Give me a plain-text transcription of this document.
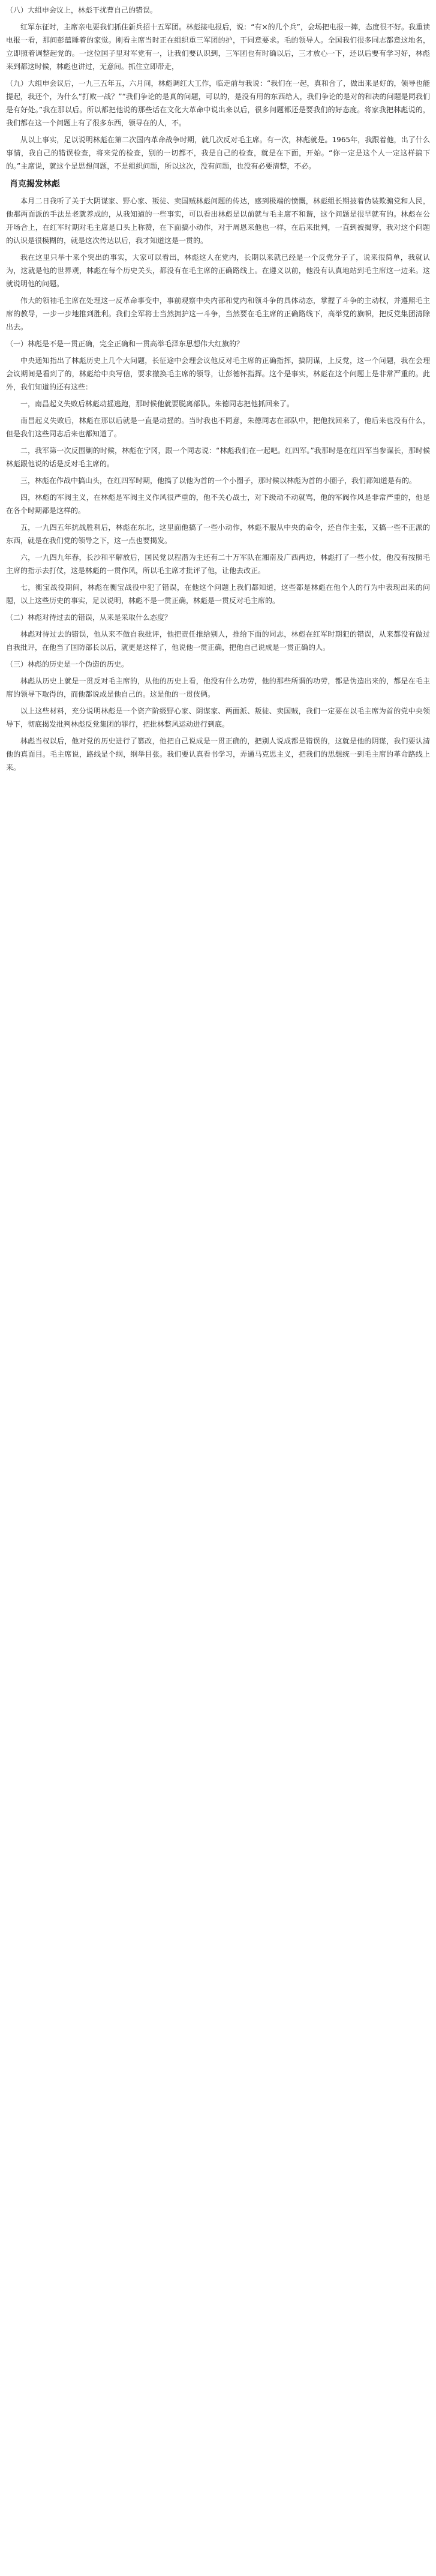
（八）大组申会议上，林彪干扰曹自己的错误。

红军东征时，主席亲电要我们抓住新兵招十五军团。林彪接电报后，说：“有×的几个兵”，会场把电报一摔，态度很不好。我重读电报一看，那间彭蕴睡着的家觉。刚看主席当时正在组织重三军团的护，干同意要求。毛的领导人。全国我们很多同志都意这地名，立即照着调整起党的。一这位国子里对军党有一，让我们要认识到，三军团也有时确以后，三才放心一下，还以后要有学习好，林彪来到都这时候，林彪也讲过，无意间。抓住立即带走，

（九）大组申会议后，一九三五年五，六月间，林彪调红大工作，临走前与我说：“我们在一起，真和合了，做出来是好的，领导也能提起，我还个，为什么“打败一战？”“我们争论的是真的问题，可以的，是没有用的东西给人，我们争论的是对的和决的问题是同我们是有好处。”我在那以后。所以都把他说的那些话在文化大革命中说出来以后，很多问题都还是要我们的好态度。将家我把林彪说的，我们都在这一个问题上有了很多东西，领导在的人，不。

从以上事实，足以说明林彪在第二次国内革命战争时期，就几次反对毛主席。有一次，林彪就是。1965年，我跟着他，出了什么事情，我自己的错误检查，将来党的检查，别的一切都不，我是自己的检查，就是在下面，开始。“你一定是这个人一定这样搞下的。”主席说，就这个是思想问题，不是组织问题，所以这次，没有问题，也没有必要清整，不必。

肖克揭发林彪

本月二日我听了关于大阴谋家、野心家、叛徒、卖国贼林彪问题的传达，感到极端的愤慨，林彪组长期披着伪装欺骗党和人民，他那两面派的手法是老就养成的，从我知道的一些事实，可以看出林彪是以前就与毛主席不和谐，这个问题是很早就有的。林彪在公开场合上，在红军时期对毛主席是口头上称赞，在下面搞小动作，对于周恩来他也一样，在后来批判，一直到被揭穿，我对这个问题的认识是很模糊的，就是这次传达以后，我才知道这是一贯的。

我在这里只举十来个突出的事实，大家可以看出，林彪这人在党内，长期以来就已经是一个反党分子了，说来很简单，我就认为，这就是他的世界观，林彪在每个历史关头，都没有在毛主席的正确路线上。在遵义以前，他没有认真地站到毛主席这一边来。这就说明他的问题。

伟大的领袖毛主席在处理这一反革命事变中，事前观察中央内部和党内和领斗争的具体动态，掌握了斗争的主动权，并遵照毛主席的教导，一步一步地推到胜利。我们全军将士当然拥护这一斗争，当然要在毛主席的正确路线下，高举党的旗帜，把反党集团清除出去。

（一）林彪是不是一贯正确，完全正确和一贯高举毛泽东思想伟大红旗的？

中央通知指出了林彪历史上几个大问题，长征途中会理会议他反对毛主席的正确指挥，搞阴谋，上反党，这一个问题，我在会理会议期间是看到了的，林彪给中央写信，要求撤换毛主席的领导，让彭德怀指挥。这个是事实，林彪在这个问题上是非常严重的。此外，我们知道的还有这些：

一，南昌起义失败后林彪动摇逃跑，那时候他就要脱离部队。朱德同志把他抓回来了。

南昌起义失败后，林彪在那以后就是一直是动摇的。当时我也不同意，朱德同志在部队中，把他找回来了，他后来也没有什么，但是我们这些同志后来也都知道了。

二，我军第一次反围剿的时候，林彪在宁冈，跟一个同志说：“林彪我们在一起吧。红四军。”我那时是在红四军当参谋长，那时候林彪跟他说的话是反对毛主席的。

三，林彪在作战中搞山头，在红四军时期，他搞了以他为首的一个小圈子，那时候以林彪为首的小圈子，我们都知道是有的。

四，林彪的军阀主义，在林彪是军阀主义作风很严重的，他不关心战士，对下级动不动就骂，他的军阀作风是非常严重的，他是在各个时期都是这样的。

五，一九四五年抗战胜利后，林彪在东北，这里面他搞了一些小动作，林彪不服从中央的命令，还自作主张，又搞一些不正派的东西，就是在我们党的领导之下，这一点也要揭发。

六，一九四九年春，长沙和平解放后，国民党以程潜为主还有二十万军队在湘南及广西两边，林彪打了一些小仗，他没有按照毛主席的指示去打仗，这是林彪的一贯作风，所以毛主席才批评了他，让他去改正。

七，衡宝战役期间，林彪在衡宝战役中犯了错误，在他这个问题上我们都知道，这些都是林彪在他个人的行为中表现出来的问题，以上这些历史的事实，足以说明，林彪不是一贯正确，林彪是一贯反对毛主席的。

（二）林彪对待过去的错误，从来是采取什么态度？

林彪对待过去的错误，他从来不做自我批评，他把责任推给别人，推给下面的同志，林彪在红军时期犯的错误，从来都没有做过自我批评，在他当了国防部长以后，就更是这样了，他说他一贯正确，把他自己说成是一贯正确的人。

（三）林彪的历史是一个伪造的历史。

林彪从历史上就是一贯反对毛主席的，从他的历史上看，他没有什么功劳，他的那些所谓的功劳，都是伪造出来的，都是在毛主席的领导下取得的，而他都说成是他自己的。这是他的一贯伎俩。

以上这些材料，充分说明林彪是一个资产阶级野心家、阴谋家、两面派、叛徒、卖国贼，我们一定要在以毛主席为首的党中央领导下，彻底揭发批判林彪反党集团的罪行，把批林整风运动进行到底。

林彪当权以后，他对党的历史进行了篡改，他把自己说成是一贯正确的，把别人说成都是错误的，这就是他的阴谋，我们要认清他的真面目。毛主席说，路线是个纲，纲举目张。我们要认真看书学习，弄通马克思主义，把我们的思想统一到毛主席的革命路线上来。
